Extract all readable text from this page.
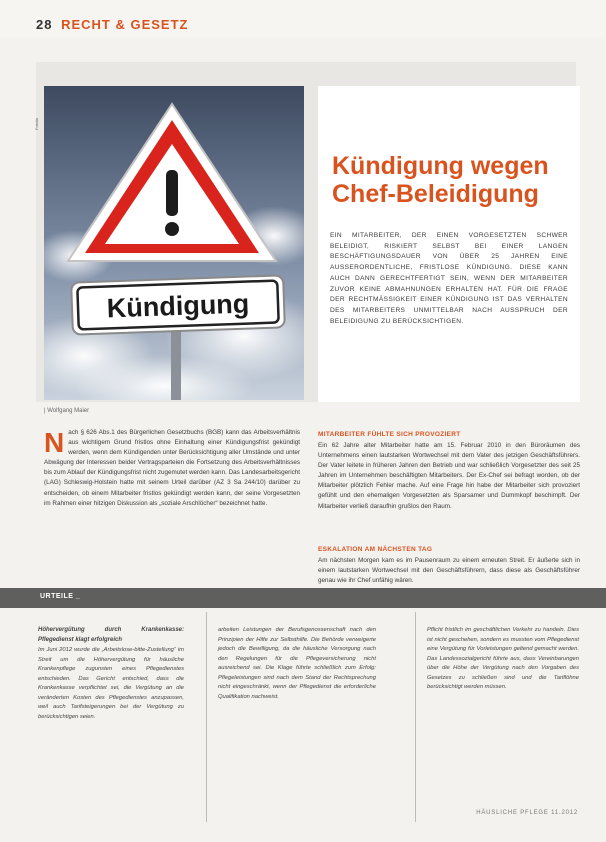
28 RECHT & GESETZ
Fotolia
Kündigung
Kündigung wegen
Chef-Beleidigung

EIN MITARBEITER, DER EINEN VORGESETZTEN SCHWER BELEIDIGT, RISKIERT SELBST BEI EINER LANGEN BESCHÄFTIGUNGSDAUER VON ÜBER 25 JAHREN EINE AUSSERORDENTLICHE, FRISTLOSE KÜNDIGUNG. DIESE KANN AUCH DANN GERECHTFERTIGT SEIN, WENN DER MITARBEITER ZUVOR KEINE ABMAHNUNGEN ERHALTEN HAT. FÜR DIE FRAGE DER RECHTMÄSSIGKEIT EINER KÜNDIGUNG IST DAS VERHALTEN DES MITARBEITERS UNMITTELBAR NACH AUSSPRUCH DER BELEIDIGUNG ZU BERÜCKSICHTIGEN.

| Wolfgang Maier

Nach § 626 Abs.1 des Bürgerlichen Gesetzbuchs (BGB) kann das Arbeitsverhältnis aus wichtigem Grund fristlos ohne Einhaltung einer Kündigungsfrist gekündigt werden, wenn dem Kündigenden unter Berücksichtigung aller Umstände und unter Abwägung der Interessen beider Vertragsparteien die Fortsetzung des Arbeitsverhältnisses bis zum Ablauf der Kündigungsfrist nicht zugemutet werden kann. Das Landesarbeitsgericht (LAG) Schleswig-Holstein hatte mit seinem Urteil darüber (AZ 3 Sa 244/10) darüber zu entscheiden, ob einem Mitarbeiter fristlos gekündigt werden kann, der seine Vorgesetzten im Rahmen einer hitzigen Diskussion als „soziale Arschlöcher“ bezeichnet hatte.

MITARBEITER FÜHLTE SICH PROVOZIERT

Ein 62 Jahre alter Mitarbeiter hatte am 15. Februar 2010 in den Büroräumen des Unternehmens einen lautstarken Wortwechsel mit dem Vater des jetzigen Geschäftsführers. Der Vater leitete in früheren Jahren den Betrieb und war schließlich Vorgesetzter des seit 25 Jahren im Unternehmen beschäftigten Mitarbeiters. Der Ex-Chef sei befragt worden, ob der Mitarbeiter plötzlich Fehler mache. Auf eine Frage hin habe der Mitarbeiter sich provoziert gefühlt und den ehemaligen Vorgesetzten als Sparsamer und Dummkopf beschimpft. Der Mitarbeiter verließ daraufhin grußlos den Raum.

ESKALATION AM NÄCHSTEN TAG

Am nächsten Morgen kam es im Pausenraum zu einem erneuten Streit. Er äußerte sich in einem lautstarken Wortwechsel mit den Geschäftsführern, dass diese als Geschäftsführer genau wie ihr Chef unfähig wären.

URTEILE _

Höhervergütung durch Krankenkasse: Pflegedienst klagt erfolgreich
Im Juni 2012 wurde die „Arbeitslose-bitte-Zustellung“ im Streit um die Höhervergütung für häusliche Krankenpflege zugunsten eines Pflegedienstes entschieden. Das Gericht entschied, dass die Krankenkasse verpflichtet sei, die Vergütung an die veränderten Kosten des Pflegedienstes anzupassen, weil auch Tarifsteigerungen bei der Vergütung zu berücksichtigen seien.

arbeiten Leistungen der Berufsgenossenschaft nach den Prinzipien der Hilfe zur Selbsthilfe. Die Behörde verweigerte jedoch die Bewilligung, da die häusliche Versorgung nach den Regelungen für die Pflegeversicherung nicht ausreichend sei. Die Klage führte schließlich zum Erfolg: Pflegeleistungen sind nach dem Stand der Rechtsprechung nicht eingeschränkt, wenn der Pflegedienst die erforderliche Qualifikation nachweist.

Pflicht fristlich im geschäftlichen Verkehr zu handeln. Dies ist nicht geschehen, sondern es mussten vom Pflegedienst eine Vergütung für Vorleistungen geltend gemacht werden. Das Landessozialgericht führte aus, dass Vereinbarungen über die Höhe der Vergütung nach den Vorgaben des Gesetzes zu schließen sind und die Tariflöhne berücksichtigt werden müssen.

HÄUSLICHE PFLEGE 11.2012
